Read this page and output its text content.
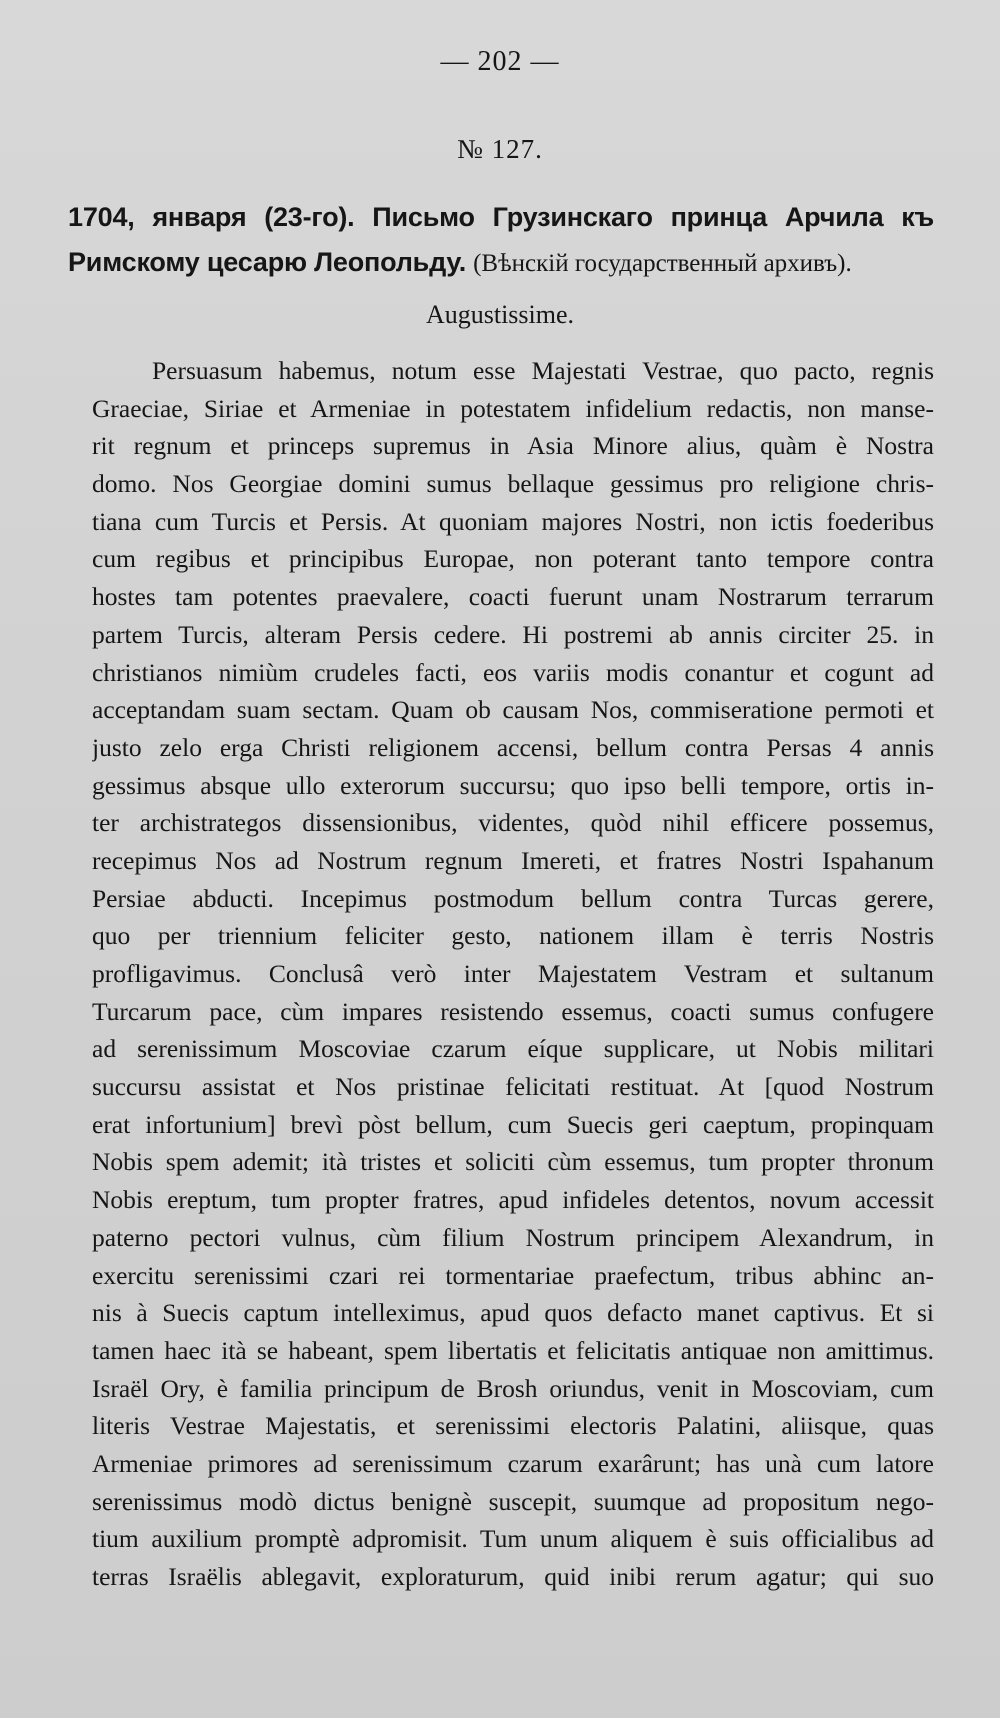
— 202 —
№ 127.
1704, января (23-го). Письмо Грузинскаго принца Арчила къ Римскому цесарю Леопольду. (Вѣнскій государственный архивъ).
Augustissime.
Persuasum habemus, notum esse Majestati Vestrae, quo pacto, regnis
Graeciae, Siriae et Armeniae in potestatem infidelium redactis, non manse-
rit regnum et princeps supremus in Asia Minore alius, quàm è Nostra
domo. Nos Georgiae domini sumus bellaque gessimus pro religione chris-
tiana cum Turcis et Persis. At quoniam majores Nostri, non ictis foederibus
cum regibus et principibus Europae, non poterant tanto tempore contra
hostes tam potentes praevalere, coacti fuerunt unam Nostrarum terrarum
partem Turcis, alteram Persis cedere. Hi postremi ab annis circiter 25. in
christianos nimiùm crudeles facti, eos variis modis conantur et cogunt ad
acceptandam suam sectam. Quam ob causam Nos, commiseratione permoti et
justo zelo erga Christi religionem accensi, bellum contra Persas 4 annis
gessimus absque ullo exterorum succursu; quo ipso belli tempore, ortis in-
ter archistrategos dissensionibus, videntes, quòd nihil efficere possemus,
recepimus Nos ad Nostrum regnum Imereti, et fratres Nostri Ispahanum
Persiae abducti. Incepimus postmodum bellum contra Turcas gerere,
quo per triennium feliciter gesto, nationem illam è terris Nostris
profligavimus. Conclusâ verò inter Majestatem Vestram et sultanum
Turcarum pace, cùm impares resistendo essemus, coacti sumus confugere
ad serenissimum Moscoviae czarum eíque supplicare, ut Nobis militari
succursu assistat et Nos pristinae felicitati restituat. At [quod Nostrum
erat infortunium] brevì pòst bellum, cum Suecis geri caeptum, propinquam
Nobis spem ademit; ità tristes et soliciti cùm essemus, tum propter thronum
Nobis ereptum, tum propter fratres, apud infideles detentos, novum accessit
paterno pectori vulnus, cùm filium Nostrum principem Alexandrum, in
exercitu serenissimi czari rei tormentariae praefectum, tribus abhinc an-
nis à Suecis captum intelleximus, apud quos defacto manet captivus. Et si
tamen haec ità se habeant, spem libertatis et felicitatis antiquae non amittimus.
Israël Ory, è familia principum de Brosh oriundus, venit in Moscoviam, cum
literis Vestrae Majestatis, et serenissimi electoris Palatini, aliisque, quas
Armeniae primores ad serenissimum czarum exarârunt; has unà cum latore
serenissimus modò dictus benignè suscepit, suumque ad propositum nego-
tium auxilium promptè adpromisit. Tum unum aliquem è suis officialibus ad
terras Israëlis ablegavit, exploraturum, quid inibi rerum agatur; qui suo
